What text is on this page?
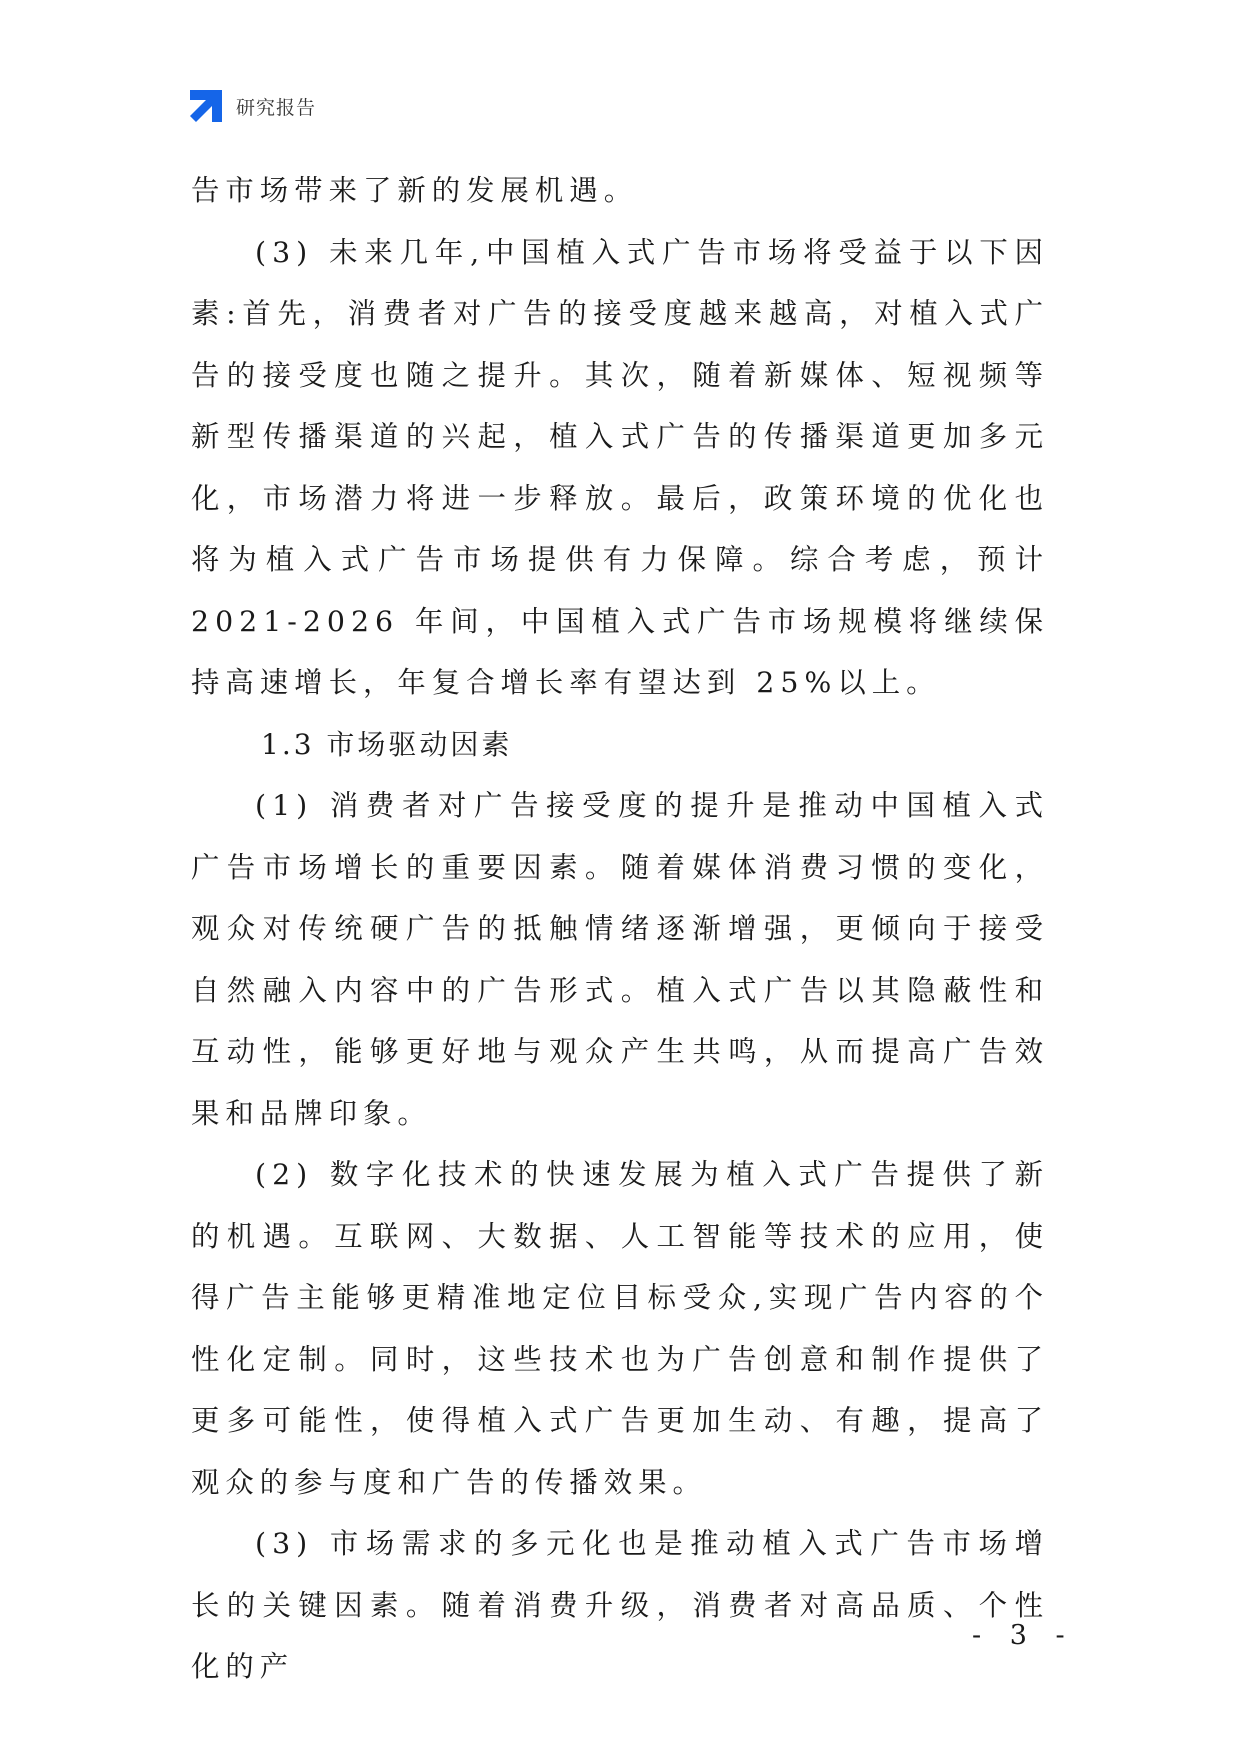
研究报告

告市场带来了新的发展机遇。

(3) 未来几年,中国植入式广告市场将受益于以下因素:首先，消费者对广告的接受度越来越高，对植入式广告的接受度也随之提升。其次，随着新媒体、短视频等新型传播渠道的兴起，植入式广告的传播渠道更加多元化，市场潜力将进一步释放。最后，政策环境的优化也将为植入式广告市场提供有力保障。综合考虑，预计 2021-2026 年间，中国植入式广告市场规模将继续保持高速增长，年复合增长率有望达到 25%以上。

1.3 市场驱动因素

(1) 消费者对广告接受度的提升是推动中国植入式广告市场增长的重要因素。随着媒体消费习惯的变化，观众对传统硬广告的抵触情绪逐渐增强，更倾向于接受自然融入内容中的广告形式。植入式广告以其隐蔽性和互动性，能够更好地与观众产生共鸣，从而提高广告效果和品牌印象。

(2) 数字化技术的快速发展为植入式广告提供了新的机遇。互联网、大数据、人工智能等技术的应用，使得广告主能够更精准地定位目标受众,实现广告内容的个性化定制。同时，这些技术也为广告创意和制作提供了更多可能性，使得植入式广告更加生动、有趣，提高了观众的参与度和广告的传播效果。

(3) 市场需求的多元化也是推动植入式广告市场增长的关键因素。随着消费升级，消费者对高品质、个性化的产

- 3 -
